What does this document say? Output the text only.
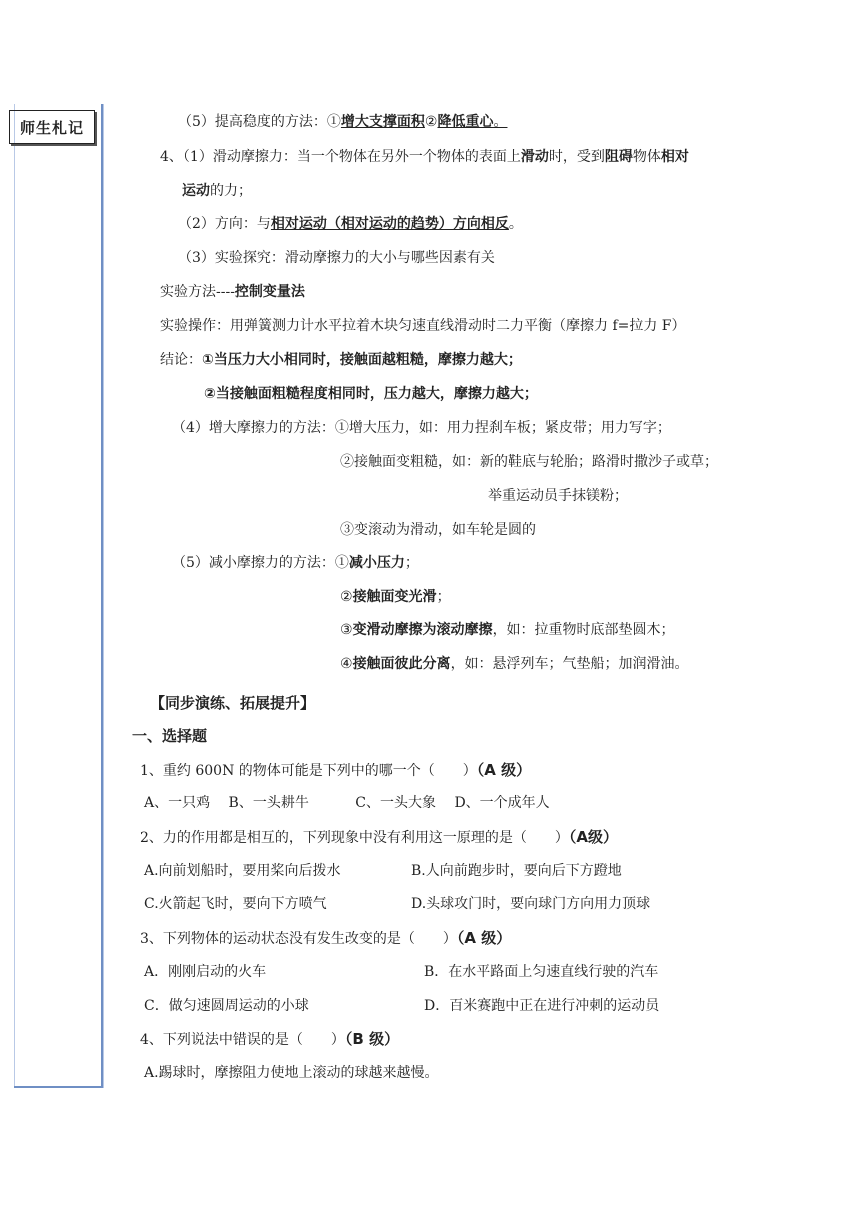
师生札记	（5）提高稳度的方法：①增大支撑面积②降低重心。
4、（1）滑动摩擦力：当一个物体在另外一个物体的表面上滑动时，受到阻碍物体相对
运动的力；
（2）方向：与相对运动（相对运动的趋势）方向相反。
（3）实验探究：滑动摩擦力的大小与哪些因素有关
实验方法----控制变量法
实验操作：用弹簧测力计水平拉着木块匀速直线滑动时二力平衡（摩擦力 f=拉力 F）
结论：①当压力大小相同时，接触面越粗糙，摩擦力越大；
②当接触面粗糙程度相同时，压力越大，摩擦力越大；
（4）增大摩擦力的方法：①增大压力，如：用力捏刹车板；紧皮带；用力写字；
②接触面变粗糙，如：新的鞋底与轮胎；路滑时撒沙子或草；
举重运动员手抹镁粉；
③变滚动为滑动，如车轮是圆的
（5）减小摩擦力的方法：①减小压力；
②接触面变光滑；
③变滑动摩擦为滚动摩擦，如：拉重物时底部垫圆木；
④接触面彼此分离，如：悬浮列车；气垫船；加润滑油。
【同步演练、拓展提升】
一、选择题
1、重约 600N 的物体可能是下列中的哪一个（　　）（A 级）
A、一只鸡　 B、一头耕牛　　　 C、一头大象　 D、一个成年人
2、力的作用都是相互的，下列现象中没有利用这一原理的是（　　）（A级）
A.向前划船时，要用桨向后拨水	B.人向前跑步时，要向后下方蹬地
C.火箭起飞时，要向下方喷气	D.头球攻门时，要向球门方向用力顶球
3、下列物体的运动状态没有发生改变的是（　　）（A 级）
A．刚刚启动的火车	B．在水平路面上匀速直线行驶的汽车
C．做匀速圆周运动的小球	D．百米赛跑中正在进行冲刺的运动员
4、下列说法中错误的是（　　）（B 级）
A.踢球时，摩擦阻力使地上滚动的球越来越慢。
